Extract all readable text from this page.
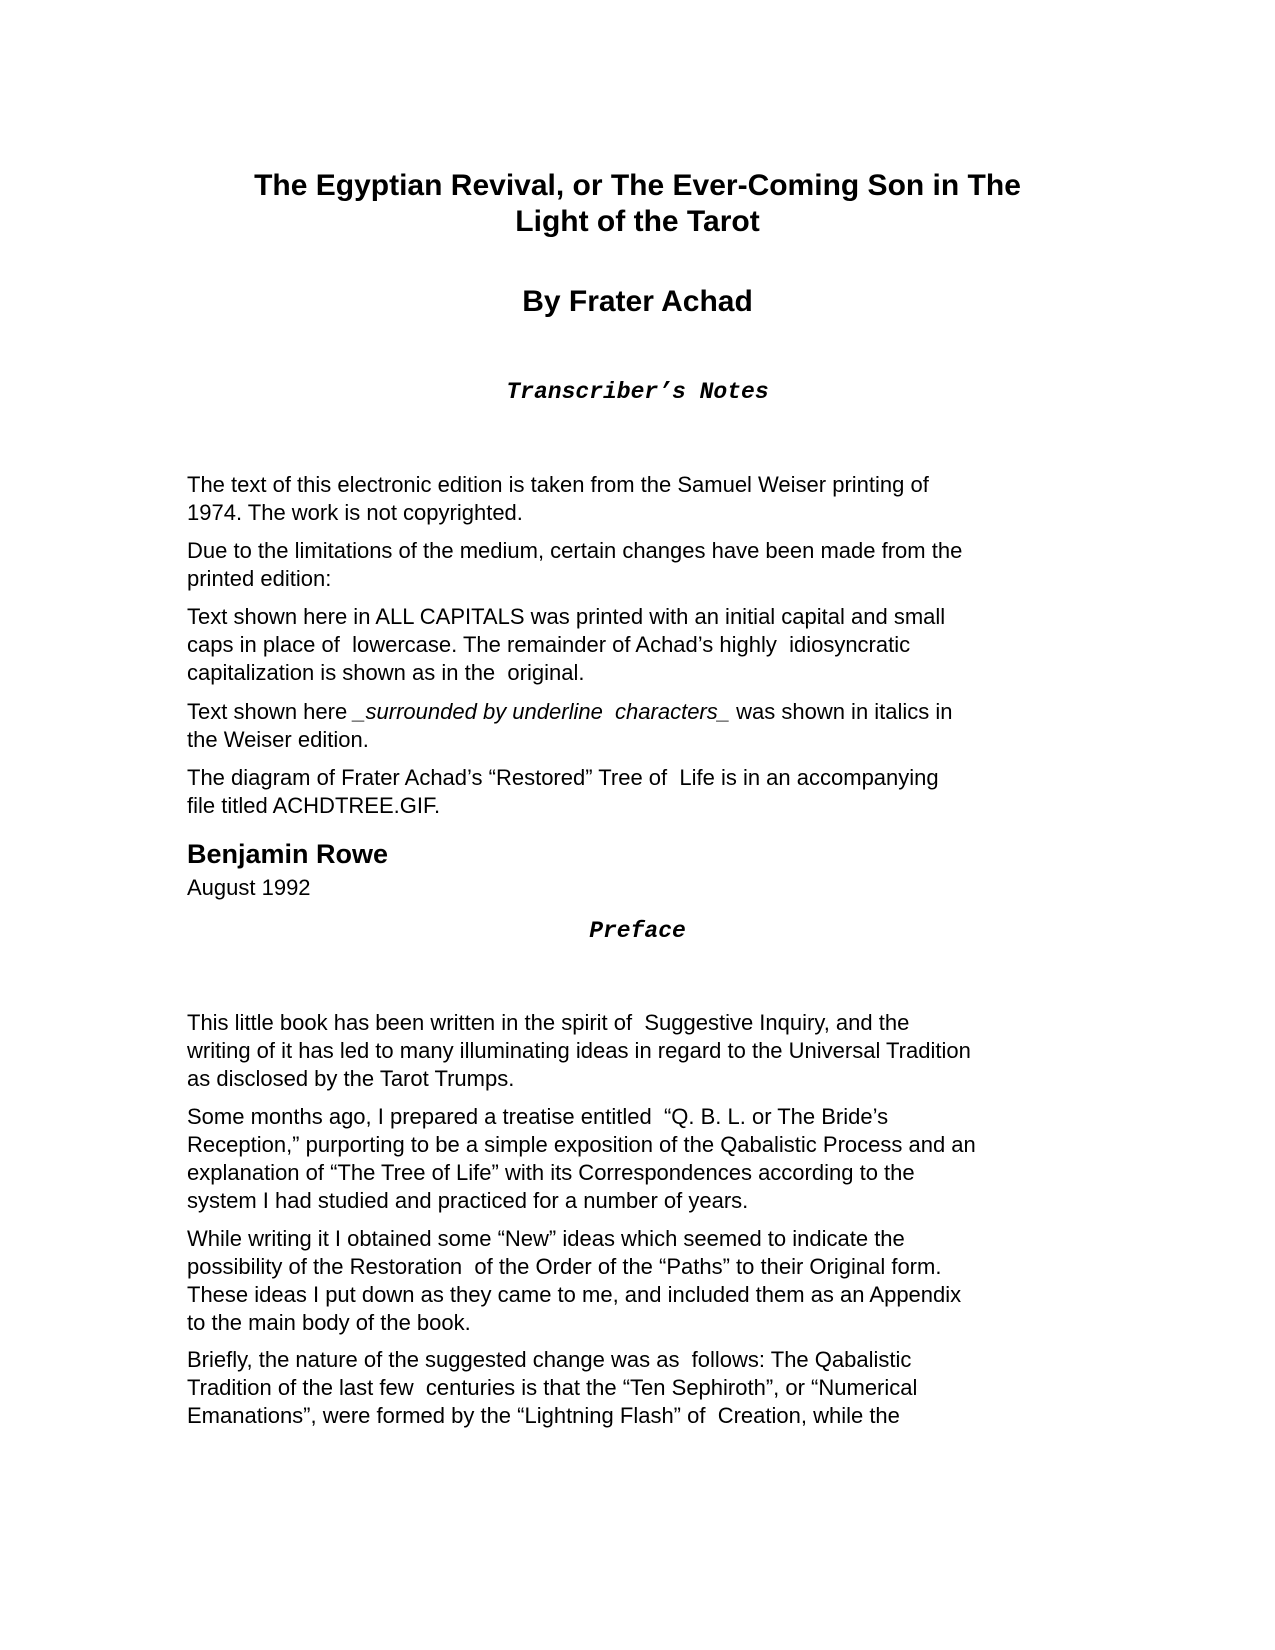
The Egyptian Revival, or The Ever-Coming Son in The
Light of the Tarot
By Frater Achad
Transcriber’s Notes

The text of this electronic edition is taken from the Samuel Weiser printing of
1974. The work is not copyrighted.

Due to the limitations of the medium, certain changes have been made from the
printed edition:

Text shown here in ALL CAPITALS was printed with an initial capital and small
caps in place of  lowercase. The remainder of Achad’s highly  idiosyncratic
capitalization is shown as in the  original.

Text shown here _surrounded by underline  characters_ was shown in italics in
the Weiser edition.

The diagram of Frater Achad’s “Restored” Tree of  Life is in an accompanying
file titled ACHDTREE.GIF.

Benjamin Rowe
August 1992
Preface

This little book has been written in the spirit of  Suggestive Inquiry, and the
writing of it has led to many illuminating ideas in regard to the Universal Tradition
as disclosed by the Tarot Trumps.

Some months ago, I prepared a treatise entitled  “Q. B. L. or The Bride’s
Reception,” purporting to be a simple exposition of the Qabalistic Process and an
explanation of “The Tree of Life” with its Correspondences according to the
system I had studied and practiced for a number of years.

While writing it I obtained some “New” ideas which seemed to indicate the
possibility of the Restoration  of the Order of the “Paths” to their Original form.
These ideas I put down as they came to me, and included them as an Appendix
to the main body of the book.

Briefly, the nature of the suggested change was as  follows: The Qabalistic
Tradition of the last few  centuries is that the “Ten Sephiroth”, or “Numerical
Emanations”, were formed by the “Lightning Flash” of  Creation, while the
